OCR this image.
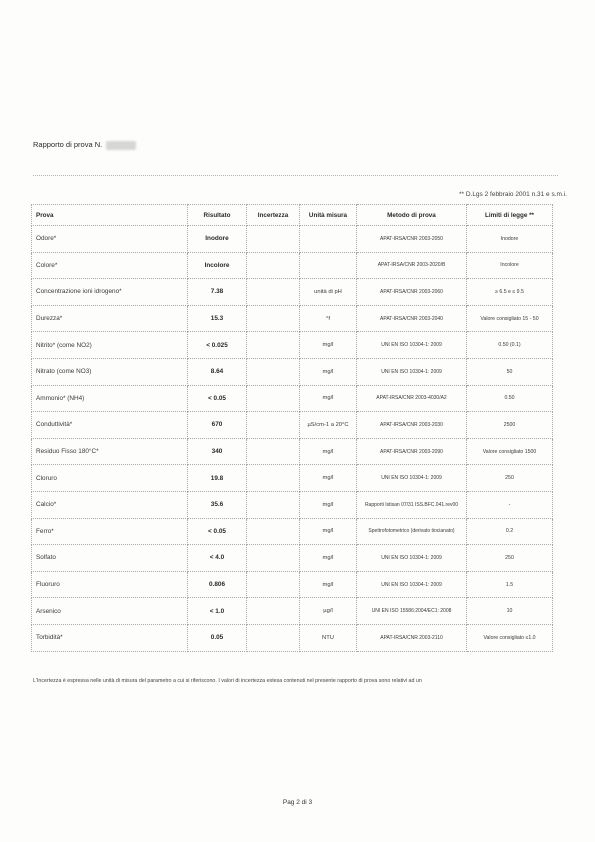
Rapporto di prova N.
** D.Lgs 2 febbraio 2001 n.31 e s.m.i.
Prova	Risultato	Incertezza	Unità misura	Metodo di prova	Limiti di legge **
Odore*	Inodore			APAT-IRSA/CNR 2003-2050	Inodore
Colore*	Incolore			APAT-IRSA/CNR 2003-2020/B	Incolore
Concentrazione ioni idrogeno*	7.38		unità di pH	APAT-IRSA/CNR 2003-2060	≥ 6.5 e ≤ 9.5
Durezza*	15.3		°f	APAT-IRSA/CNR 2003-2040	Valore consigliato 15 - 50
Nitrito* (come NO2)	< 0.025		mg/l	UNI EN ISO 10304-1: 2009	0.50 (0.1)
Nitrato (come NO3)	8.64		mg/l	UNI EN ISO 10304-1: 2009	50
Ammonio* (NH4)	< 0.05		mg/l	APAT-IRSA/CNR 2003-4030/A2	0.50
Conduttività*	670		µS/cm-1 a 20°C	APAT-IRSA/CNR 2003-2030	2500
Residuo Fisso 180°C*	340		mg/l	APAT-IRSA/CNR 2003-2090	Valore consigliato 1500
Cloruro	19.8		mg/l	UNI EN ISO 10304-1: 2009	250
Calcio*	35.6		mg/l	Rapporti Istisan 07/31 ISS.BFC.041.rev00	-
Ferro*	< 0.05		mg/l	Spettrofotometrico (derivato tiocianato)	0.2
Solfato	< 4.0		mg/l	UNI EN ISO 10304-1: 2009	250
Fluoruro	0.806		mg/l	UNI EN ISO 10304-1: 2009	1.5
Arsenico	< 1.0		µg/l	UNI EN ISO 15586:2004/EC1: 2008	10
Torbidità*	0.05		NTU	APAT-IRSA/CNR 2003-2110	Valore consigliato ≤1.0
L'Incertezza è espressa nelle unità di misura del parametro a cui si riferiscono. I valori di incertezza estesa contenuti nel presente rapporto di prova sono relativi ad un
Pag 2 di 3
